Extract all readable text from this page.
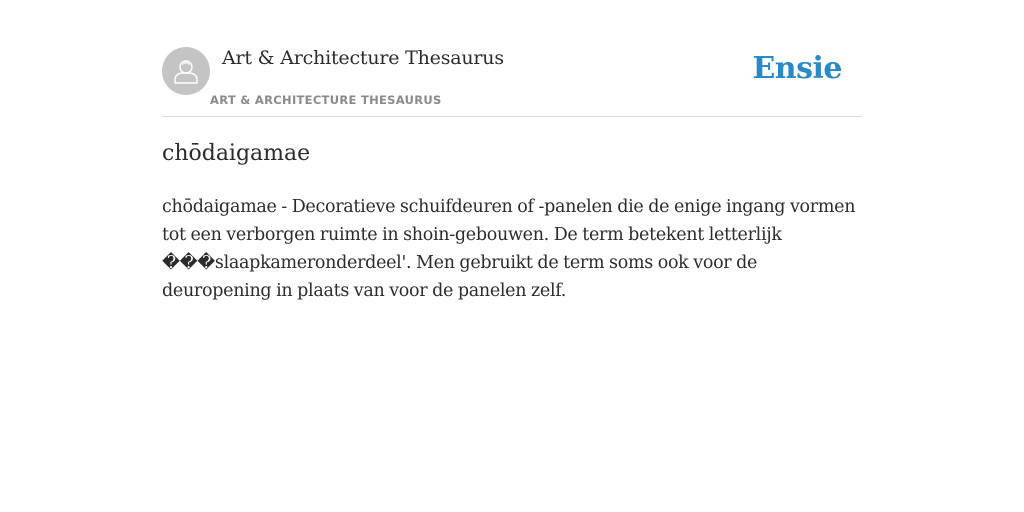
Art & Architecture Thesaurus
ART & ARCHITECTURE THESAURUS
Ensie
chōdaigamae

chōdaigamae - Decoratieve schuifdeuren of -panelen die de enige ingang vormen tot een verborgen ruimte in shoin-gebouwen. De term betekent letterlijk ���slaapkameronderdeel'. Men gebruikt de term soms ook voor de deuropening in plaats van voor de panelen zelf.
